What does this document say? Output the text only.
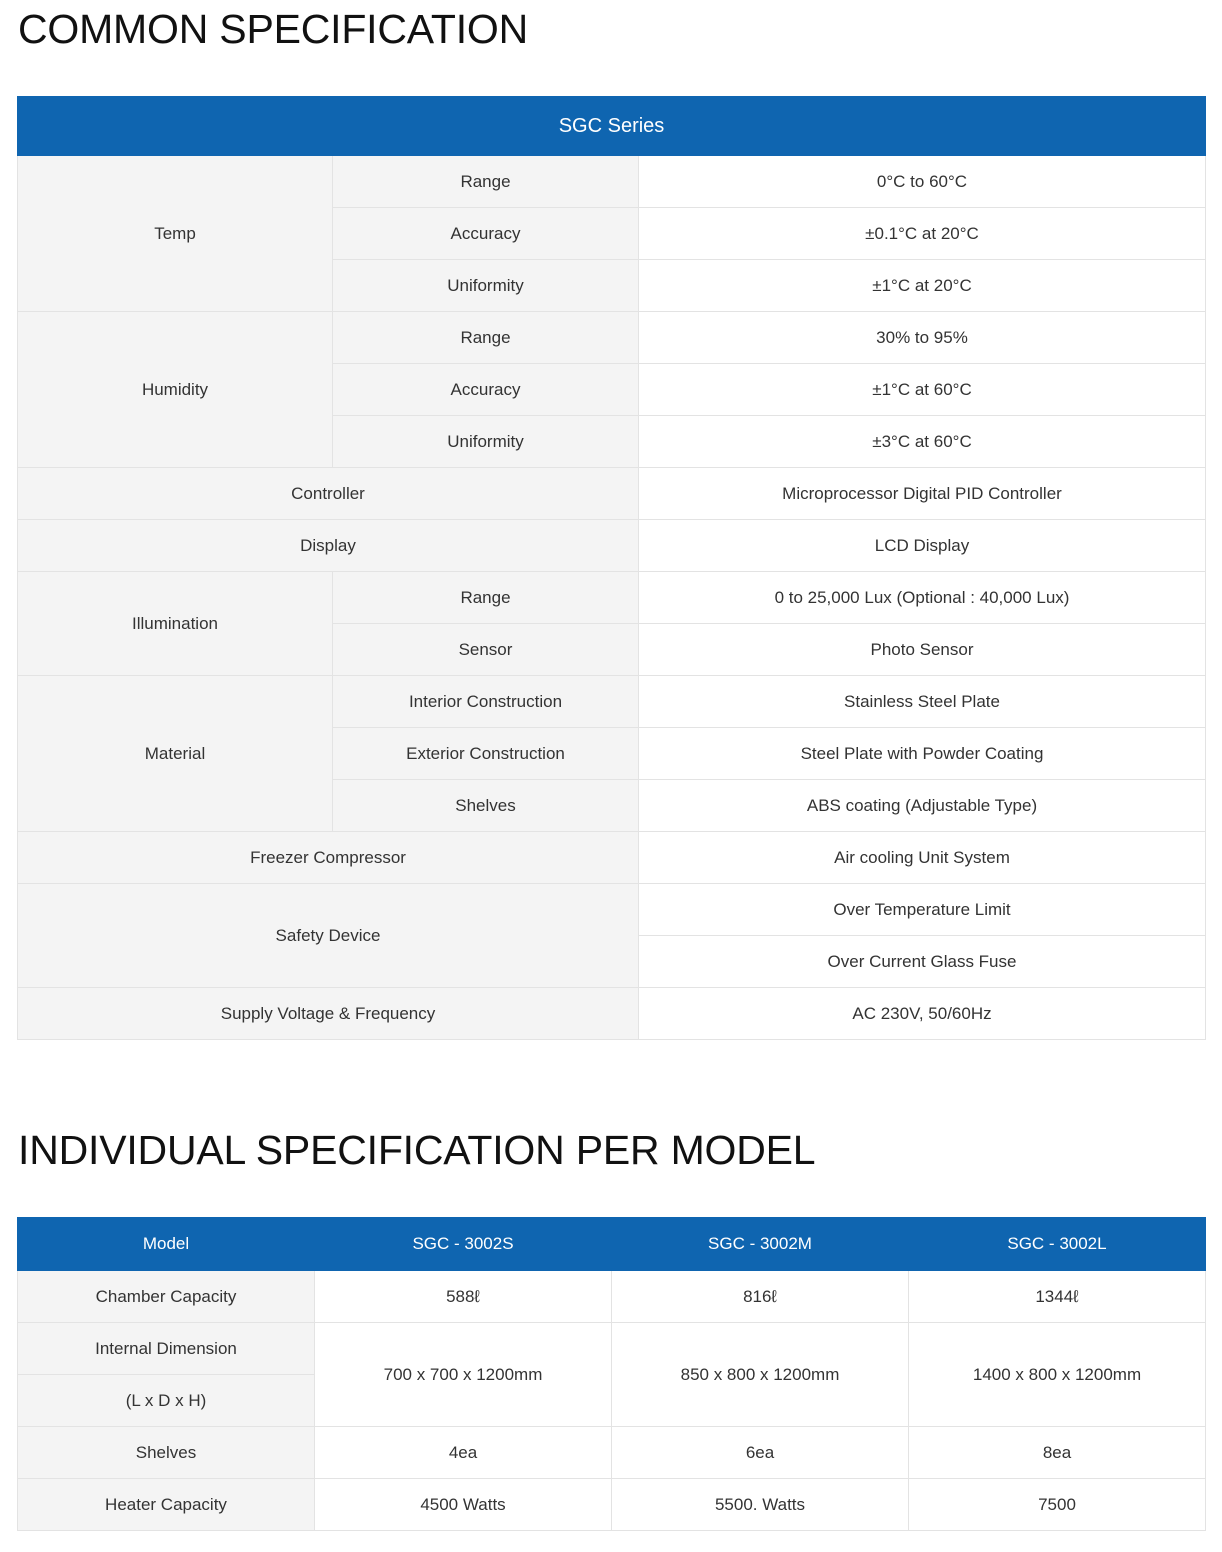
COMMON SPECIFICATION
SGC Series		
Temp	Range	0°C to 60°C
	Accuracy	±0.1°C at 20°C
	Uniformity	±1°C at 20°C
Humidity	Range	30% to 95%
	Accuracy	±1°C at 60°C
	Uniformity	±3°C at 60°C
Controller		Microprocessor Digital PID Controller
Display		LCD Display
Illumination	Range	0 to 25,000 Lux (Optional : 40,000 Lux)
	Sensor	Photo Sensor
Material	Interior Construction	Stainless Steel Plate
	Exterior Construction	Steel Plate with Powder Coating
	Shelves	ABS coating (Adjustable Type)
Freezer Compressor		Air cooling Unit System
Safety Device		Over Temperature Limit
		Over Current Glass Fuse
Supply Voltage & Frequency		AC 230V, 50/60Hz
INDIVIDUAL SPECIFICATION PER MODEL
Model	SGC - 3002S	SGC - 3002M	SGC - 3002L
Chamber Capacity	588ℓ	816ℓ	1344ℓ
Internal Dimension	700 x 700 x 1200mm	850 x 800 x 1200mm	1400 x 800 x 1200mm
(L x D x H)			
Shelves	4ea	6ea	8ea
Heater Capacity	4500 Watts	5500. Watts	7500
